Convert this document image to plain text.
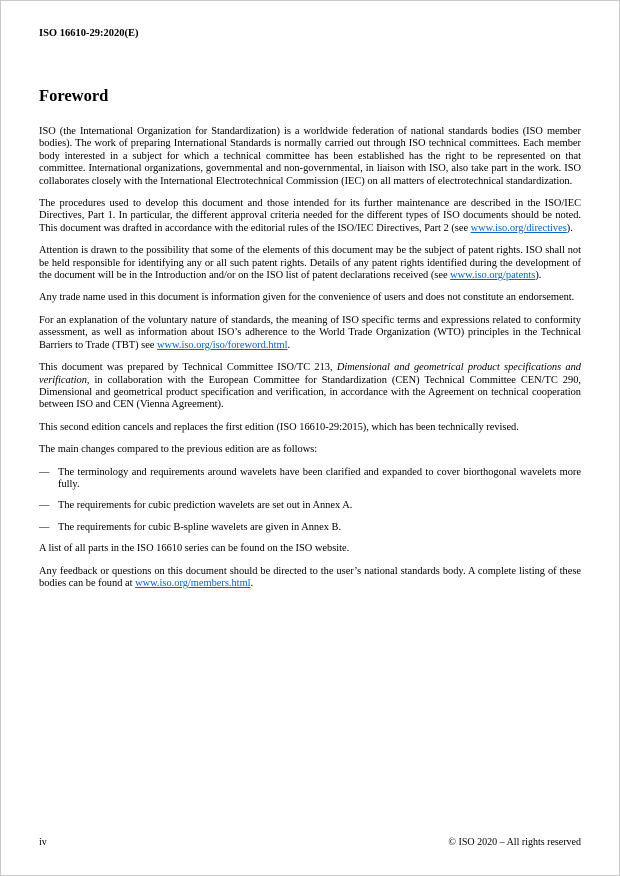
ISO 16610-29:2020(E)
Foreword
ISO (the International Organization for Standardization) is a worldwide federation of national standards bodies (ISO member bodies). The work of preparing International Standards is normally carried out through ISO technical committees. Each member body interested in a subject for which a technical committee has been established has the right to be represented on that committee. International organizations, governmental and non-governmental, in liaison with ISO, also take part in the work. ISO collaborates closely with the International Electrotechnical Commission (IEC) on all matters of electrotechnical standardization.
The procedures used to develop this document and those intended for its further maintenance are described in the ISO/IEC Directives, Part 1. In particular, the different approval criteria needed for the different types of ISO documents should be noted. This document was drafted in accordance with the editorial rules of the ISO/IEC Directives, Part 2 (see www.iso.org/directives).
Attention is drawn to the possibility that some of the elements of this document may be the subject of patent rights. ISO shall not be held responsible for identifying any or all such patent rights. Details of any patent rights identified during the development of the document will be in the Introduction and/or on the ISO list of patent declarations received (see www.iso.org/patents).
Any trade name used in this document is information given for the convenience of users and does not constitute an endorsement.
For an explanation of the voluntary nature of standards, the meaning of ISO specific terms and expressions related to conformity assessment, as well as information about ISO’s adherence to the World Trade Organization (WTO) principles in the Technical Barriers to Trade (TBT) see www.iso.org/iso/foreword.html.
This document was prepared by Technical Committee ISO/TC 213, Dimensional and geometrical product specifications and verification, in collaboration with the European Committee for Standardization (CEN) Technical Committee CEN/TC 290, Dimensional and geometrical product specification and verification, in accordance with the Agreement on technical cooperation between ISO and CEN (Vienna Agreement).
This second edition cancels and replaces the first edition (ISO 16610-29:2015), which has been technically revised.
The main changes compared to the previous edition are as follows:
— The terminology and requirements around wavelets have been clarified and expanded to cover biorthogonal wavelets more fully.
— The requirements for cubic prediction wavelets are set out in Annex A.
— The requirements for cubic B-spline wavelets are given in Annex B.
A list of all parts in the ISO 16610 series can be found on the ISO website.
Any feedback or questions on this document should be directed to the user’s national standards body. A complete listing of these bodies can be found at www.iso.org/members.html.
iv	© ISO 2020 – All rights reserved
